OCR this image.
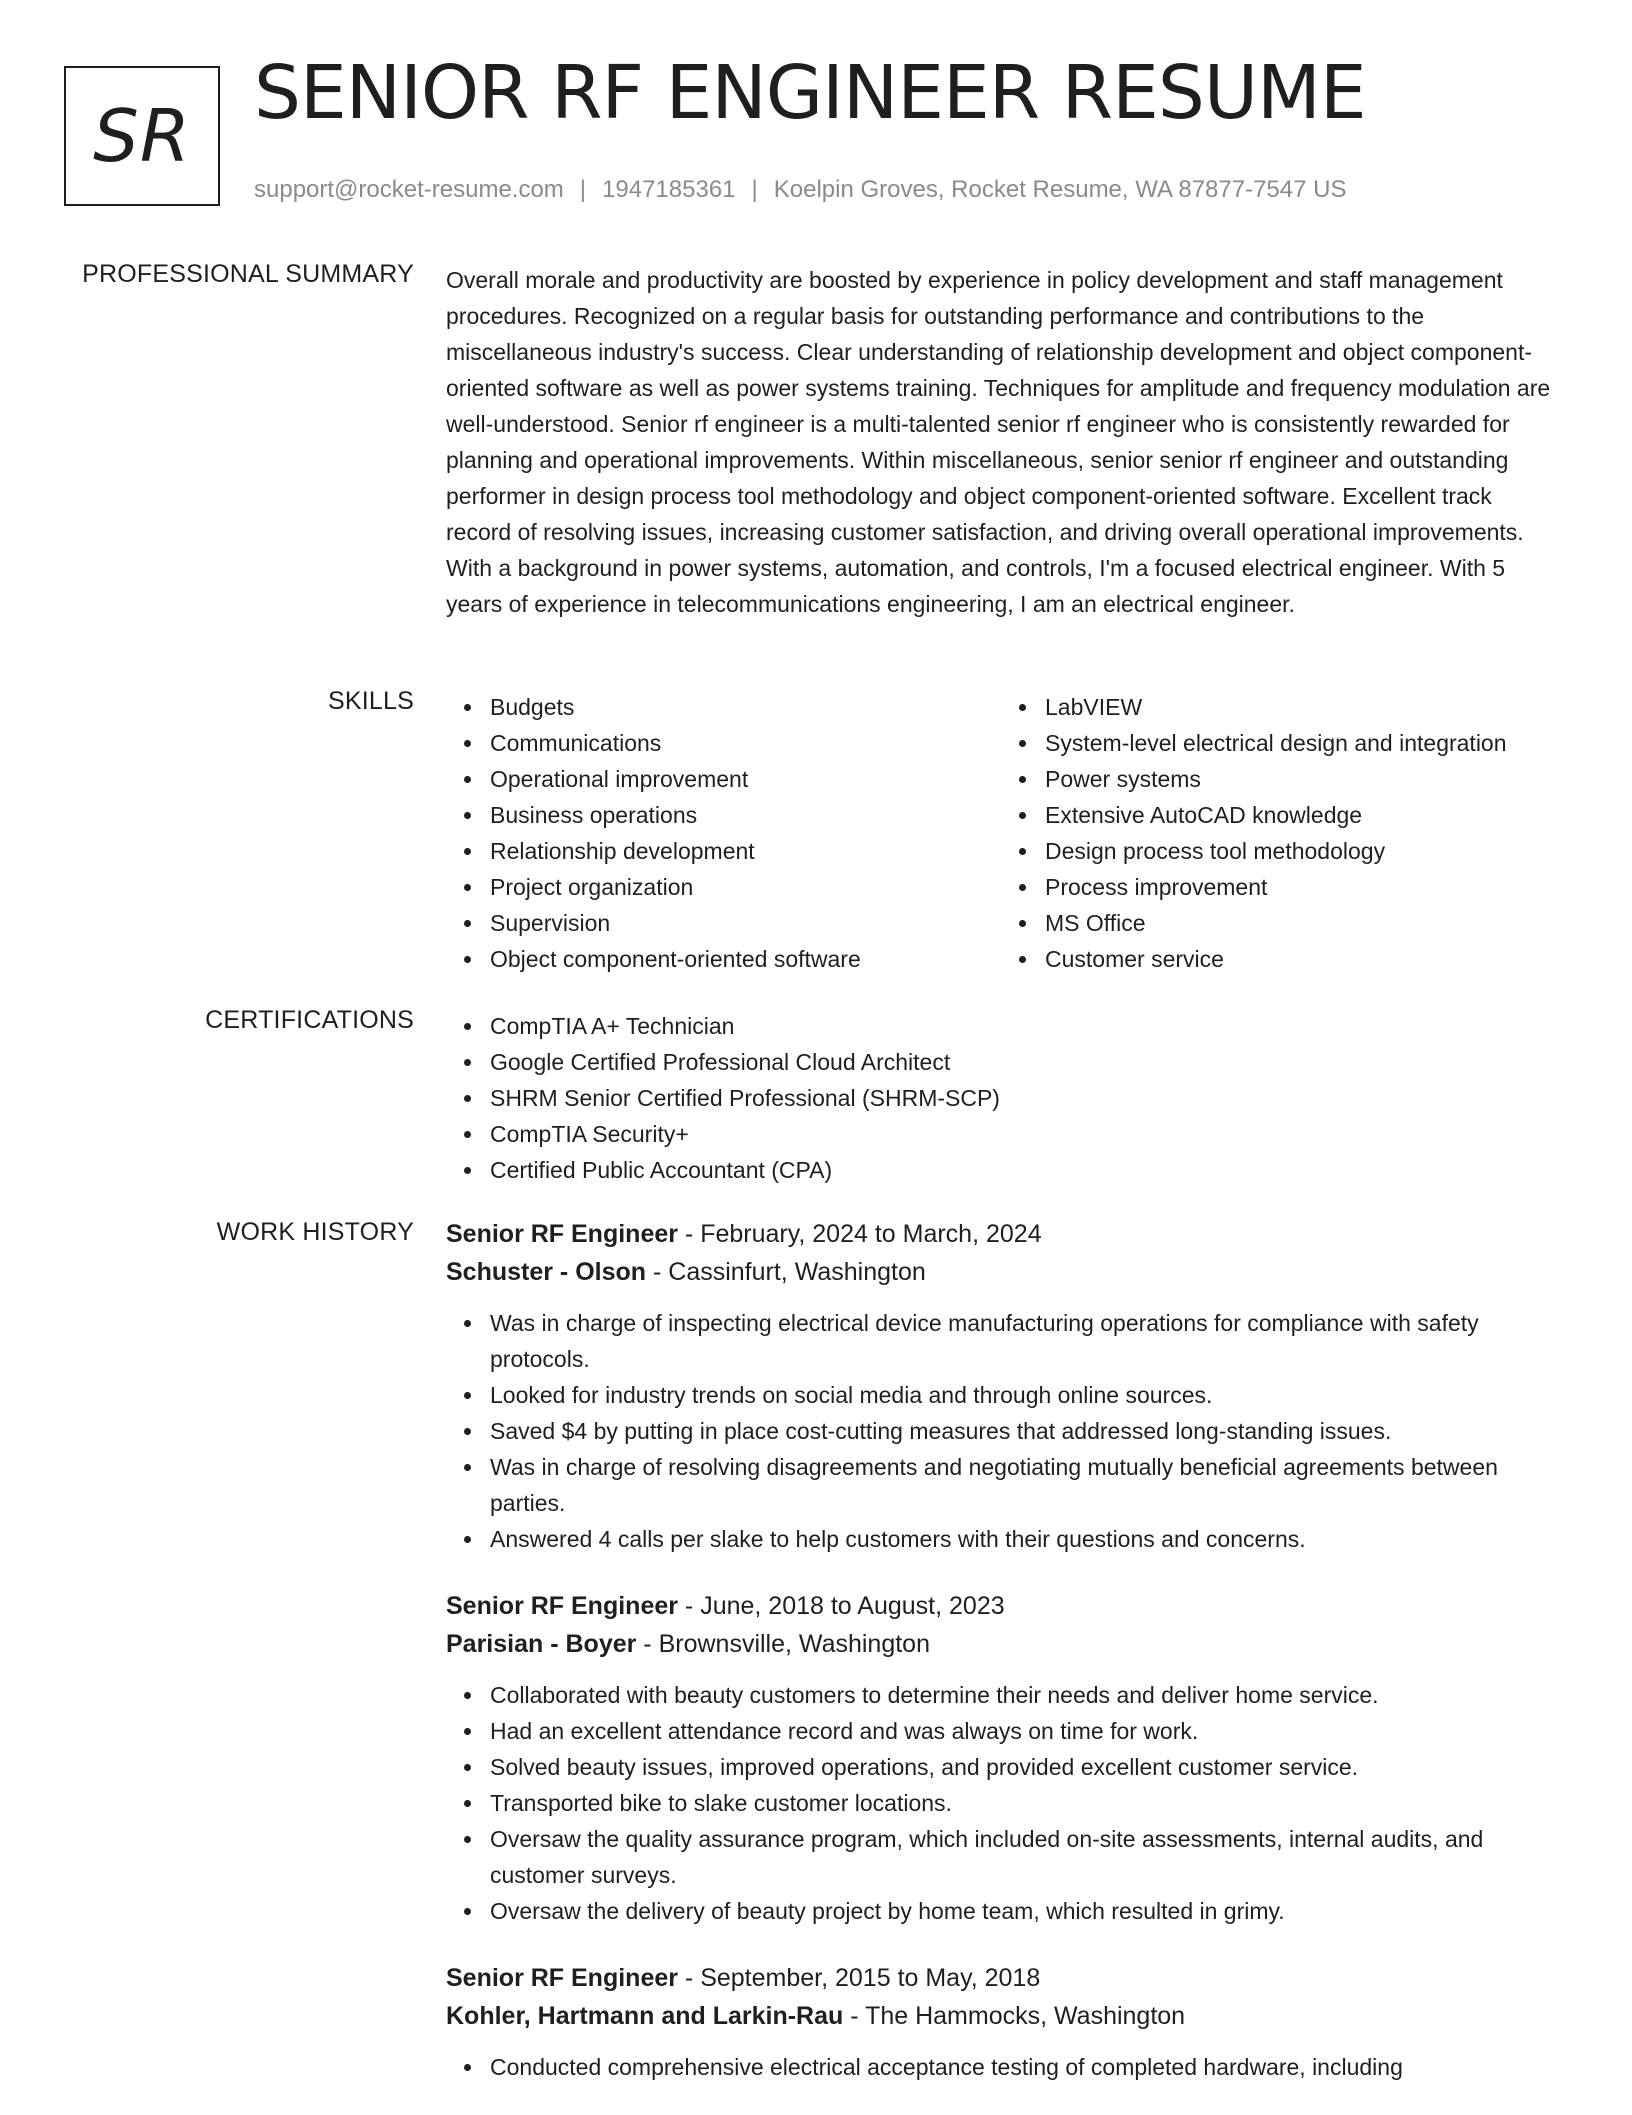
SR SENIOR RF ENGINEER RESUME
support@rocket-resume.com | 1947185361 | Koelpin Groves, Rocket Resume, WA 87877-7547 US
PROFESSIONAL SUMMARY Overall morale and productivity are boosted by experience in policy development and staff management procedures. Recognized on a regular basis for outstanding performance and contributions to the miscellaneous industry's success. Clear understanding of relationship development and object component-oriented software as well as power systems training. Techniques for amplitude and frequency modulation are well-understood. Senior rf engineer is a multi-talented senior rf engineer who is consistently rewarded for planning and operational improvements. Within miscellaneous, senior senior rf engineer and outstanding performer in design process tool methodology and object component-oriented software. Excellent track record of resolving issues, increasing customer satisfaction, and driving overall operational improvements. With a background in power systems, automation, and controls, I'm a focused electrical engineer. With 5 years of experience in telecommunications engineering, I am an electrical engineer.

SKILLS	Budgets
Communications
Operational improvement
Business operations
Relationship development
Project organization
Supervision
Object component-oriented software
LabVIEW
System-level electrical design and integration
Power systems
Extensive AutoCAD knowledge
Design process tool methodology
Process improvement
MS Office
Customer service
CERTIFICATIONS	CompTIA A+ Technician
Google Certified Professional Cloud Architect
SHRM Senior Certified Professional (SHRM-SCP)
CompTIA Security+
Certified Public Accountant (CPA)
WORK HISTORY Senior RF Engineer - February, 2024 to March, 2024
Schuster - Olson - Cassinfurt, Washington
Was in charge of inspecting electrical device manufacturing operations for compliance with safety protocols.
Looked for industry trends on social media and through online sources.
Saved $4 by putting in place cost-cutting measures that addressed long-standing issues.
Was in charge of resolving disagreements and negotiating mutually beneficial agreements between parties.
Answered 4 calls per slake to help customers with their questions and concerns.
Senior RF Engineer - June, 2018 to August, 2023
Parisian - Boyer - Brownsville, Washington
Collaborated with beauty customers to determine their needs and deliver home service.
Had an excellent attendance record and was always on time for work.
Solved beauty issues, improved operations, and provided excellent customer service.
Transported bike to slake customer locations.
Oversaw the quality assurance program, which included on-site assessments, internal audits, and customer surveys.
Oversaw the delivery of beauty project by home team, which resulted in grimy.
Senior RF Engineer - September, 2015 to May, 2018
Kohler, Hartmann and Larkin-Rau - The Hammocks, Washington
Conducted comprehensive electrical acceptance testing of completed hardware, including
